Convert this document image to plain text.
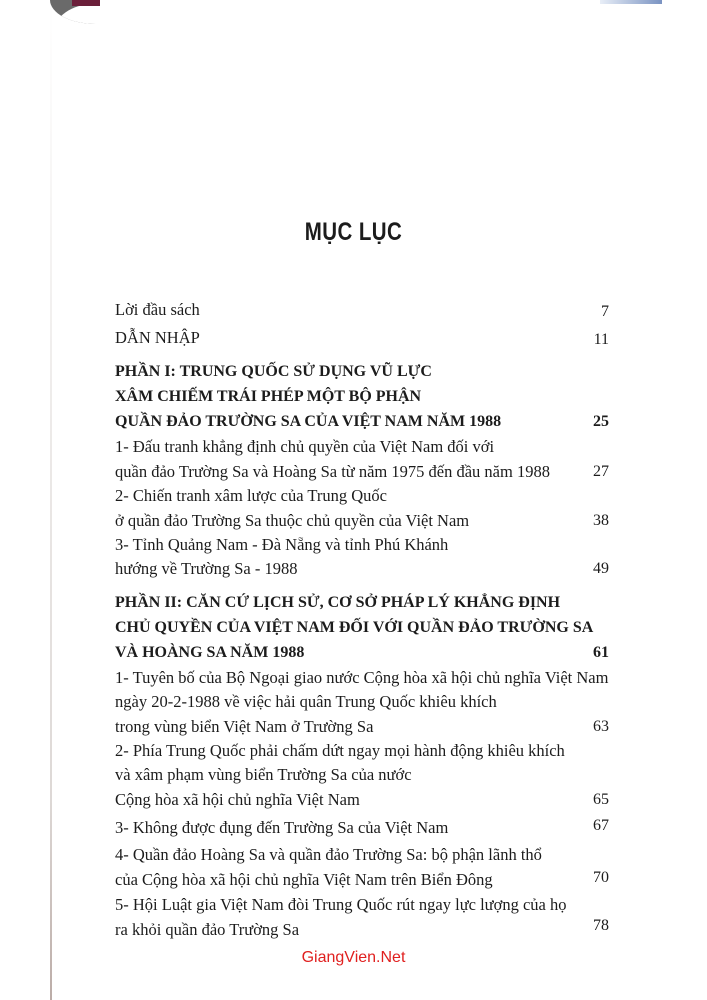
MỤC LỤC
Lời đầu sách	7
DẪN NHẬP	11
PHẦN I: TRUNG QUỐC SỬ DỤNG VŨ LỰC
XÂM CHIẾM TRÁI PHÉP MỘT BỘ PHẬN
QUẦN ĐẢO TRƯỜNG SA CỦA VIỆT NAM NĂM 1988	25
1- Đấu tranh khẳng định chủ quyền của Việt Nam đối với
quần đảo Trường Sa và Hoàng Sa từ năm 1975 đến đầu năm 1988	27
2- Chiến tranh xâm lược của Trung Quốc
ở quần đảo Trường Sa thuộc chủ quyền của Việt Nam	38
3- Tỉnh Quảng Nam - Đà Nẵng và tỉnh Phú Khánh
hướng về Trường Sa - 1988	49
PHẦN II: CĂN CỨ LỊCH SỬ, CƠ SỞ PHÁP LÝ KHẲNG ĐỊNH
CHỦ QUYỀN CỦA VIỆT NAM ĐỐI VỚI QUẦN ĐẢO TRƯỜNG SA
VÀ HOÀNG SA NĂM 1988	61
1- Tuyên bố của Bộ Ngoại giao nước Cộng hòa xã hội chủ nghĩa Việt Nam
ngày 20-2-1988 về việc hải quân Trung Quốc khiêu khích
trong vùng biển Việt Nam ở Trường Sa	63
2- Phía Trung Quốc phải chấm dứt ngay mọi hành động khiêu khích
và xâm phạm vùng biển Trường Sa của nước
Cộng hòa xã hội chủ nghĩa Việt Nam	65
3- Không được đụng đến Trường Sa của Việt Nam	67
4- Quần đảo Hoàng Sa và quần đảo Trường Sa: bộ phận lãnh thổ
của Cộng hòa xã hội chủ nghĩa Việt Nam trên Biển Đông	70
5- Hội Luật gia Việt Nam đòi Trung Quốc rút ngay lực lượng của họ
ra khỏi quần đảo Trường Sa	78
GiangVien.Net
